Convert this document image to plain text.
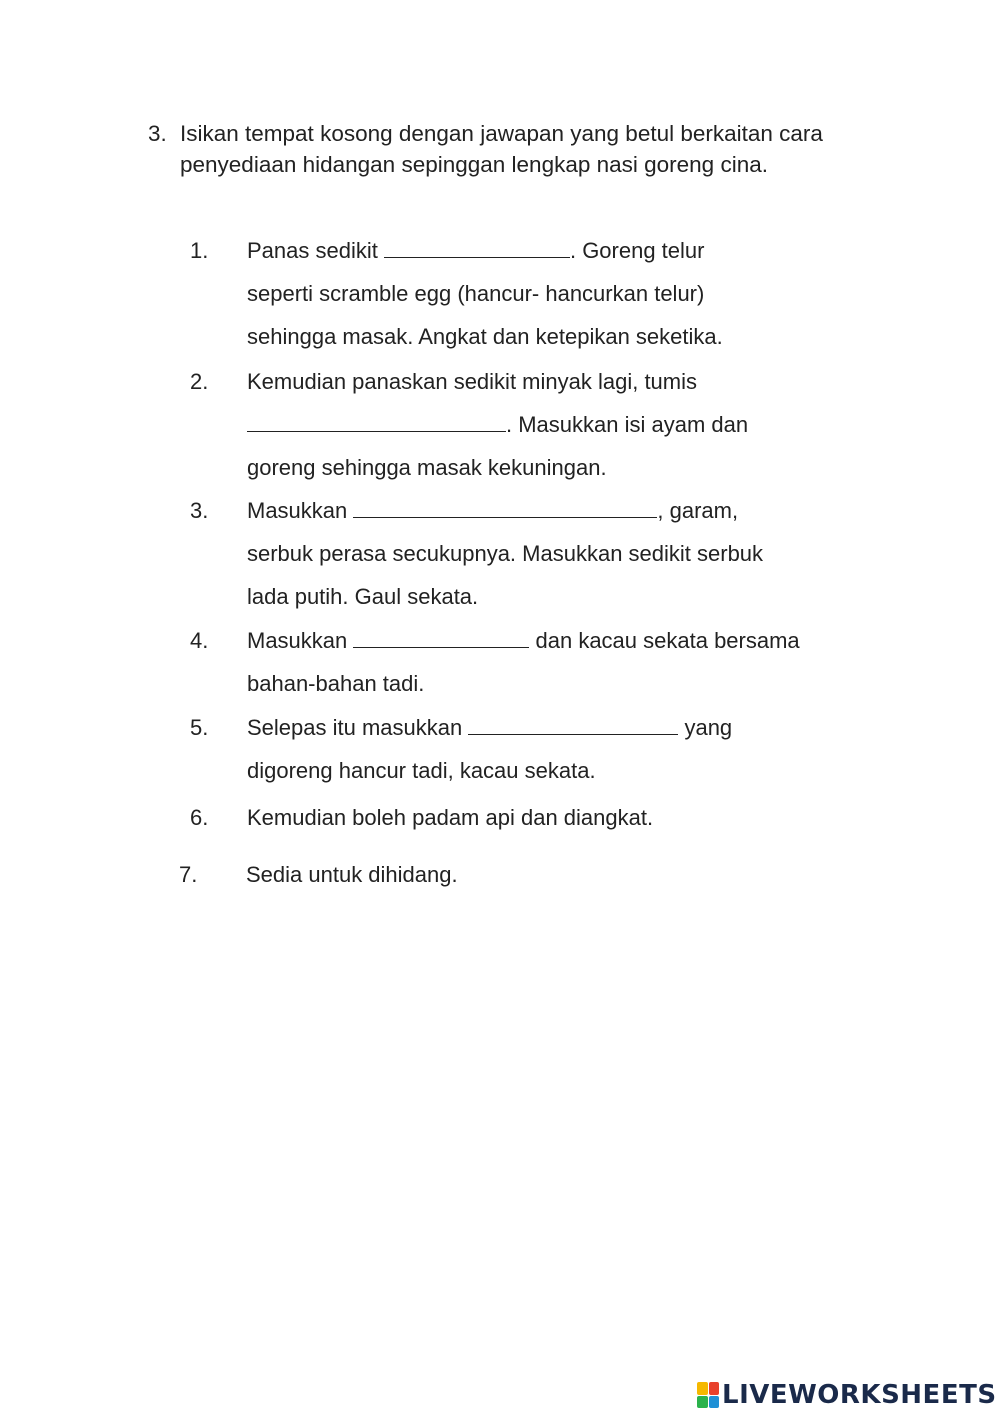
3. Isikan tempat kosong dengan jawapan yang betul berkaitan cara penyediaan hidangan sepinggan lengkap nasi goreng cina.
1.	Panas sedikit	. Goreng telur
seperti scramble egg (hancur- hancurkan telur)
sehingga masak. Angkat dan ketepikan seketika.
2.	Kemudian panaskan sedikit minyak lagi, tumis
. Masukkan isi ayam dan
goreng sehingga masak kekuningan.
3.	Masukkan	, garam,
serbuk perasa secukupnya. Masukkan sedikit serbuk
lada putih. Gaul sekata.
4.	Masukkan	dan kacau sekata bersama
bahan-bahan tadi.
5.	Selepas itu masukkan	yang
digoreng hancur tadi, kacau sekata.
6.	Kemudian boleh padam api dan diangkat.
7.	Sedia untuk dihidang.
LIVEWORKSHEETS
